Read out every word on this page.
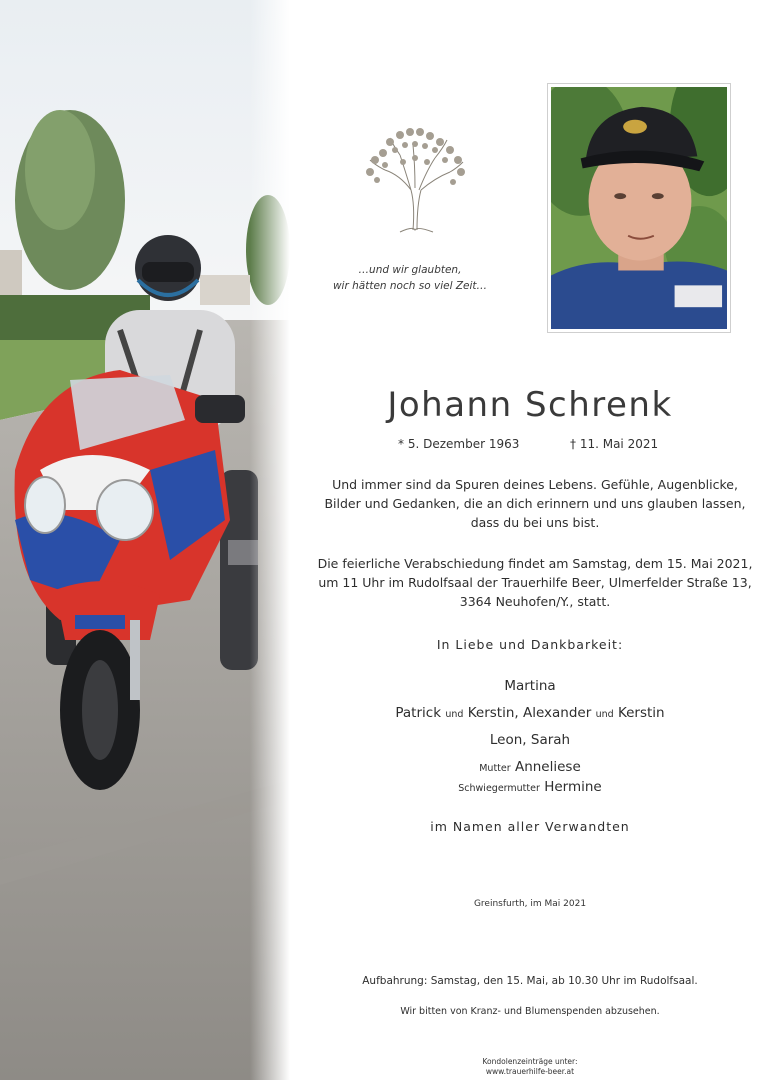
…und wir glaubten,
wir hätten noch so viel Zeit…
Johann Schrenk
* 5. Dezember 1963	† 11. Mai 2021
Und immer sind da Spuren deines Lebens. Gefühle, Augenblicke,
Bilder und Gedanken, die an dich erinnern und uns glauben lassen,
dass du bei uns bist.
Die feierliche Verabschiedung findet am Samstag, dem 15. Mai 2021,
um 11 Uhr im Rudolfsaal der Trauerhilfe Beer, Ulmerfelder Straße 13,
3364 Neuhofen/Y., statt.
In Liebe und Dankbarkeit:
Martina
Patrick und Kerstin, Alexander und Kerstin
Leon, Sarah
Mutter Anneliese
Schwiegermutter Hermine
im Namen aller Verwandten
Greinsfurth, im Mai 2021
Aufbahrung: Samstag, den 15. Mai, ab 10.30 Uhr im Rudolfsaal.
Wir bitten von Kranz- und Blumenspenden abzusehen.
Kondolenzeinträge unter:
www.trauerhilfe-beer.at
